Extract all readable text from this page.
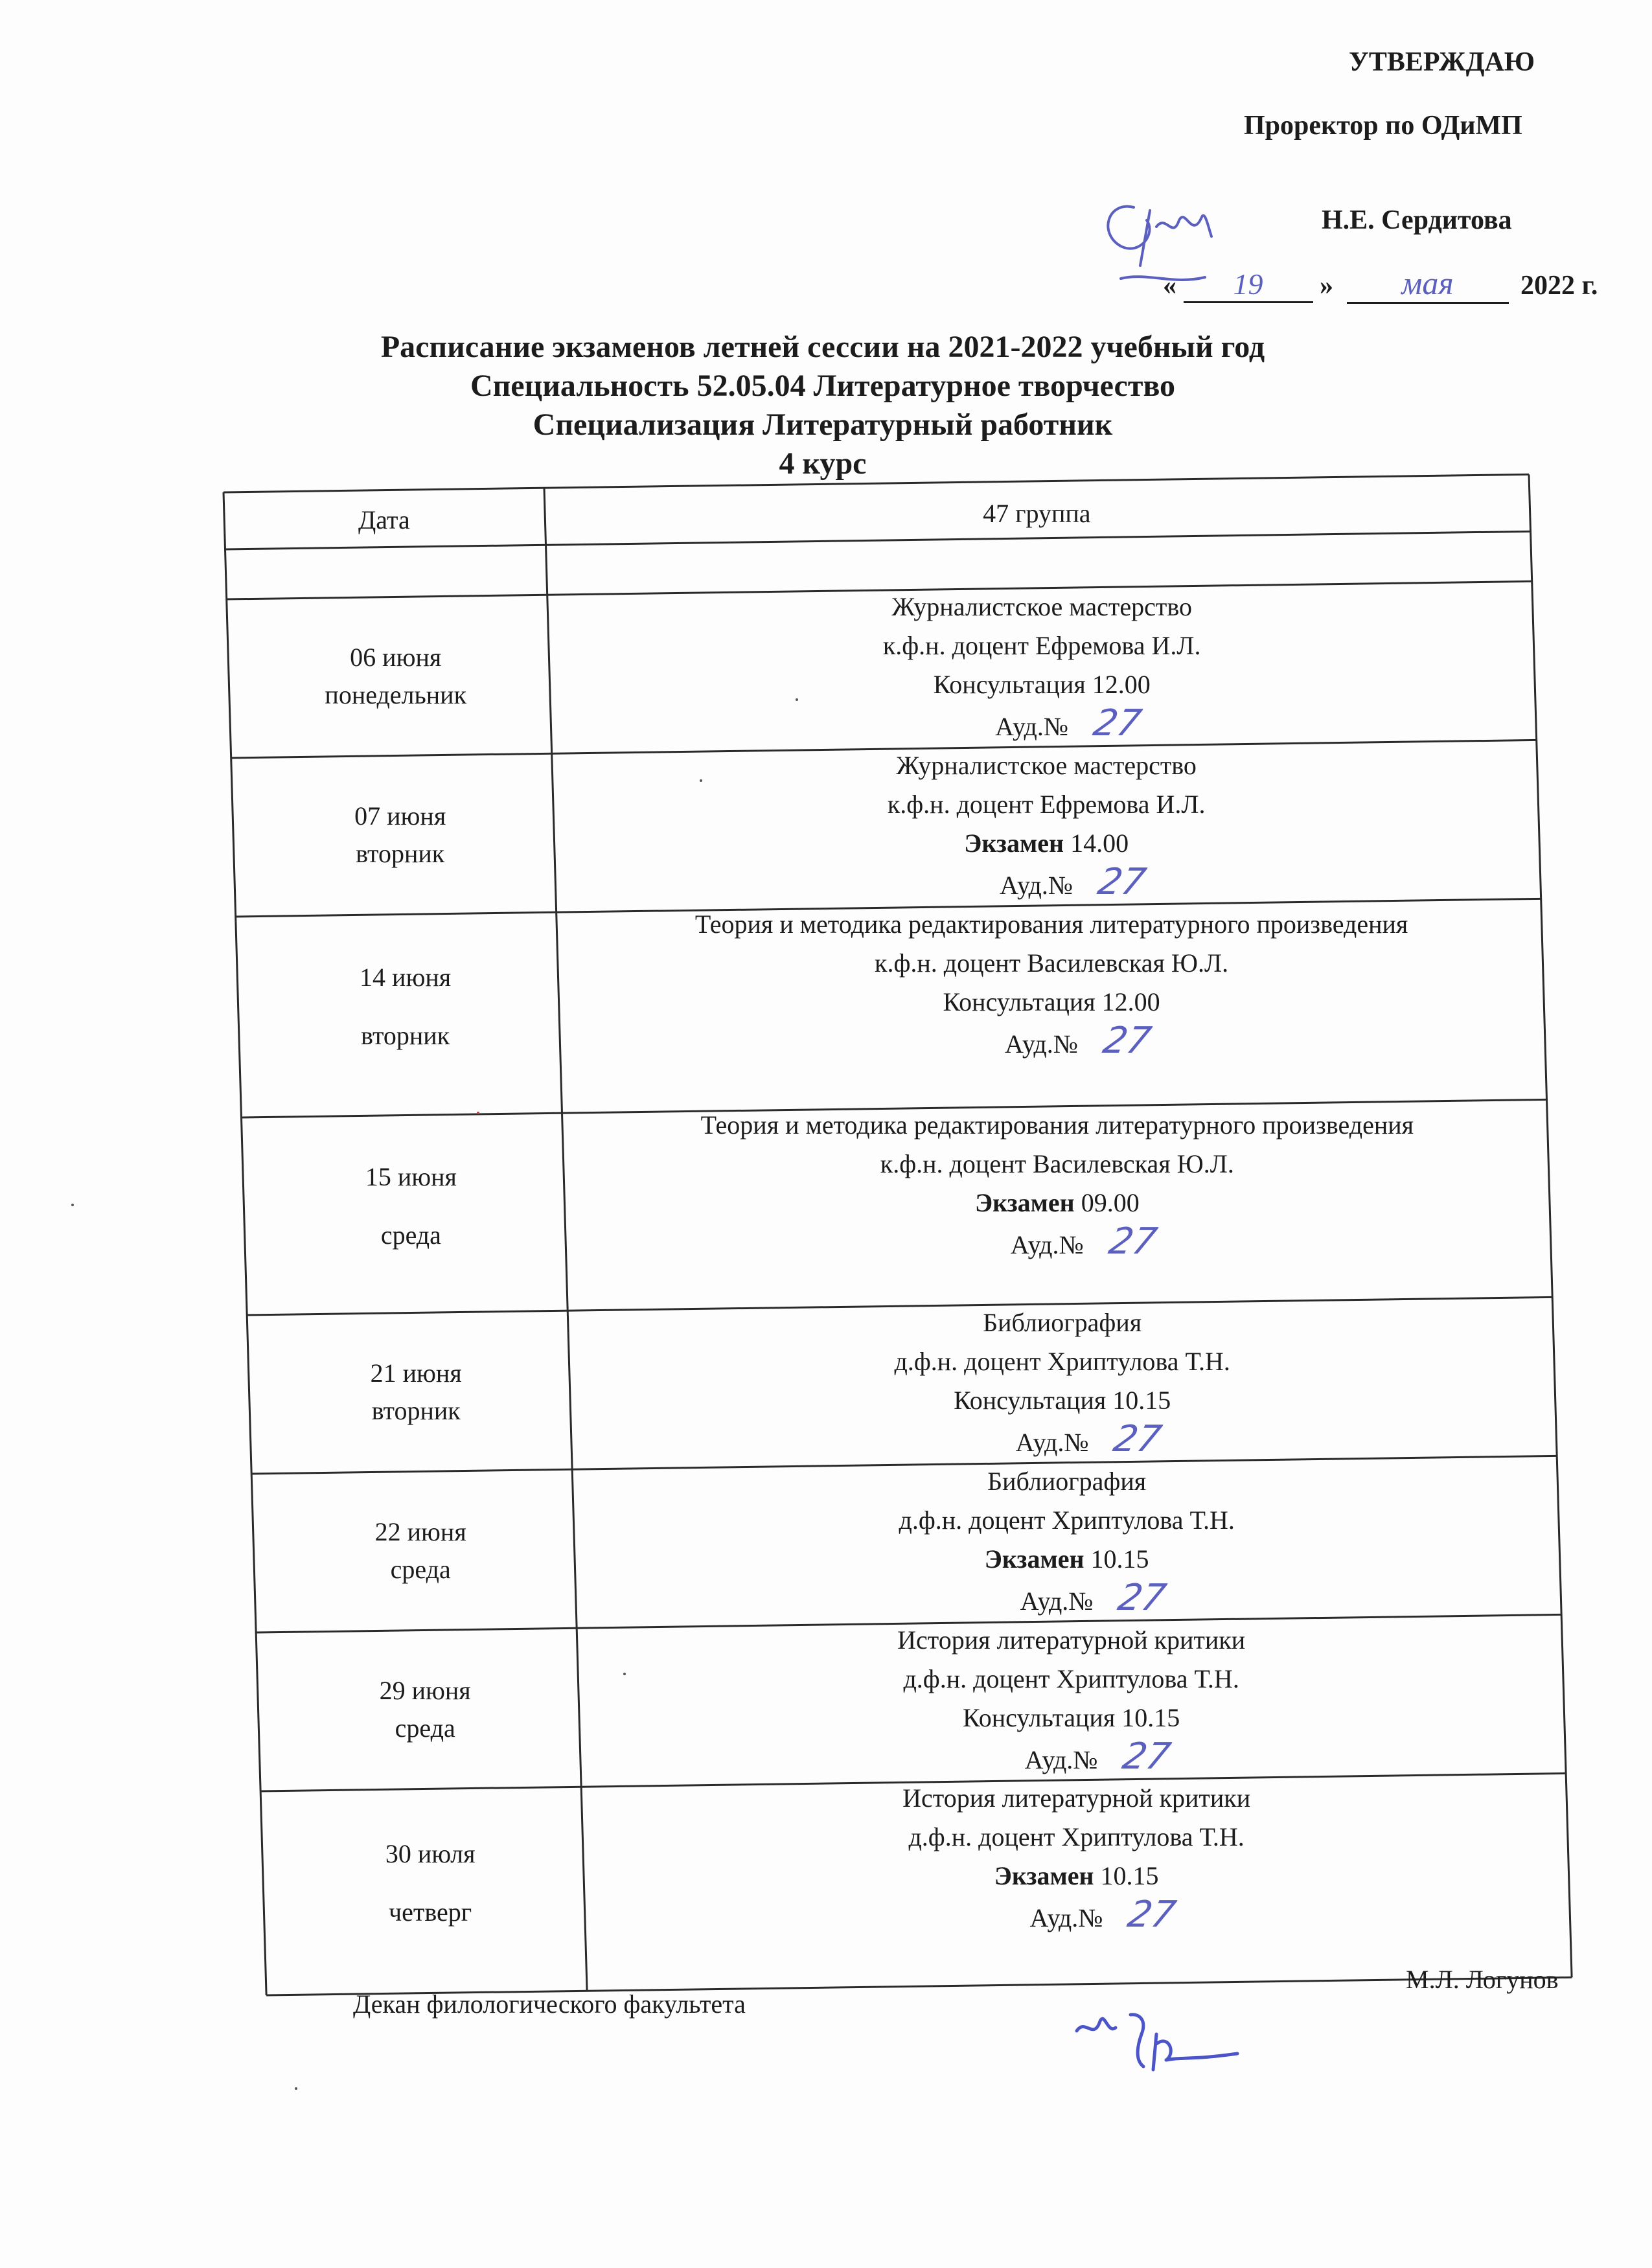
УТВЕРЖДАЮ
Проректор по ОДиМП
Н.Е. Сердитова
« 19 » мая 2022 г.
Расписание экзаменов летней сессии на 2021-2022 учебный год
Специальность 52.05.04 Литературное творчество
Специализация Литературный работник
4 курс
Дата	47 группа
06 июня
понедельник
Журналистское мастерство
к.ф.н. доцент Ефремова И.Л.
Консультация 12.00
Ауд.№ 27
07 июня
вторник
Журналистское мастерство
к.ф.н. доцент Ефремова И.Л.
Экзамен 14.00
Ауд.№ 27
14 июня
вторник
Теория и методика редактирования литературного произведения
к.ф.н. доцент Василевская Ю.Л.
Консультация 12.00
Ауд.№ 27
15 июня
среда
Теория и методика редактирования литературного произведения
к.ф.н. доцент Василевская Ю.Л.
Экзамен 09.00
Ауд.№ 27
21 июня
вторник
Библиография
д.ф.н. доцент Хриптулова Т.Н.
Консультация 10.15
Ауд.№ 27
22 июня
среда
Библиография
д.ф.н. доцент Хриптулова Т.Н.
Экзамен 10.15
Ауд.№ 27
29 июня
среда
История литературной критики
д.ф.н. доцент Хриптулова Т.Н.
Консультация 10.15
Ауд.№ 27
30 июля
четверг
История литературной критики
д.ф.н. доцент Хриптулова Т.Н.
Экзамен 10.15
Ауд.№ 27
Декан филологического факультета
М.Л. Логунов
